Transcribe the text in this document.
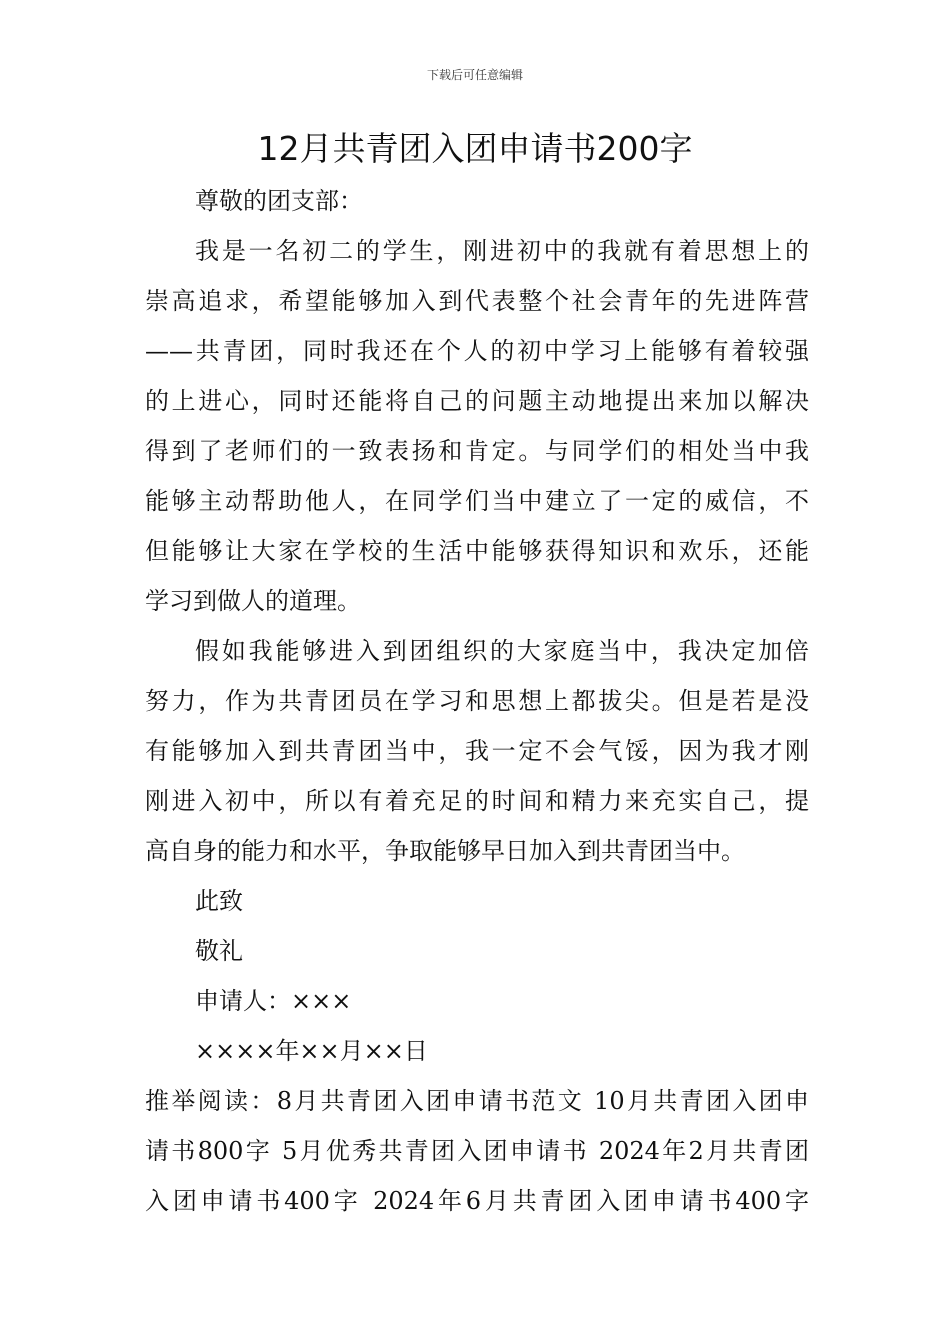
下载后可任意编辑
12月共青团入团申请书200字
尊敬的团支部：
我是一名初二的学生，刚进初中的我就有着思想上的
崇高追求，希望能够加入到代表整个社会青年的先进阵营
——共青团，同时我还在个人的初中学习上能够有着较强
的上进心，同时还能将自己的问题主动地提出来加以解决
得到了老师们的一致表扬和肯定。与同学们的相处当中我
能够主动帮助他人，在同学们当中建立了一定的威信，不
但能够让大家在学校的生活中能够获得知识和欢乐，还能
学习到做人的道理。
假如我能够进入到团组织的大家庭当中，我决定加倍
努力，作为共青团员在学习和思想上都拔尖。但是若是没
有能够加入到共青团当中，我一定不会气馁，因为我才刚
刚进入初中，所以有着充足的时间和精力来充实自己，提
高自身的能力和水平，争取能够早日加入到共青团当中。
此致
敬礼
申请人：×××
××××年××月××日
推举阅读：8月共青团入团申请书范文 10月共青团入团申
请书800字 5月优秀共青团入团申请书 2024年2月共青团
入团申请书400字 2024年6月共青团入团申请书400字
